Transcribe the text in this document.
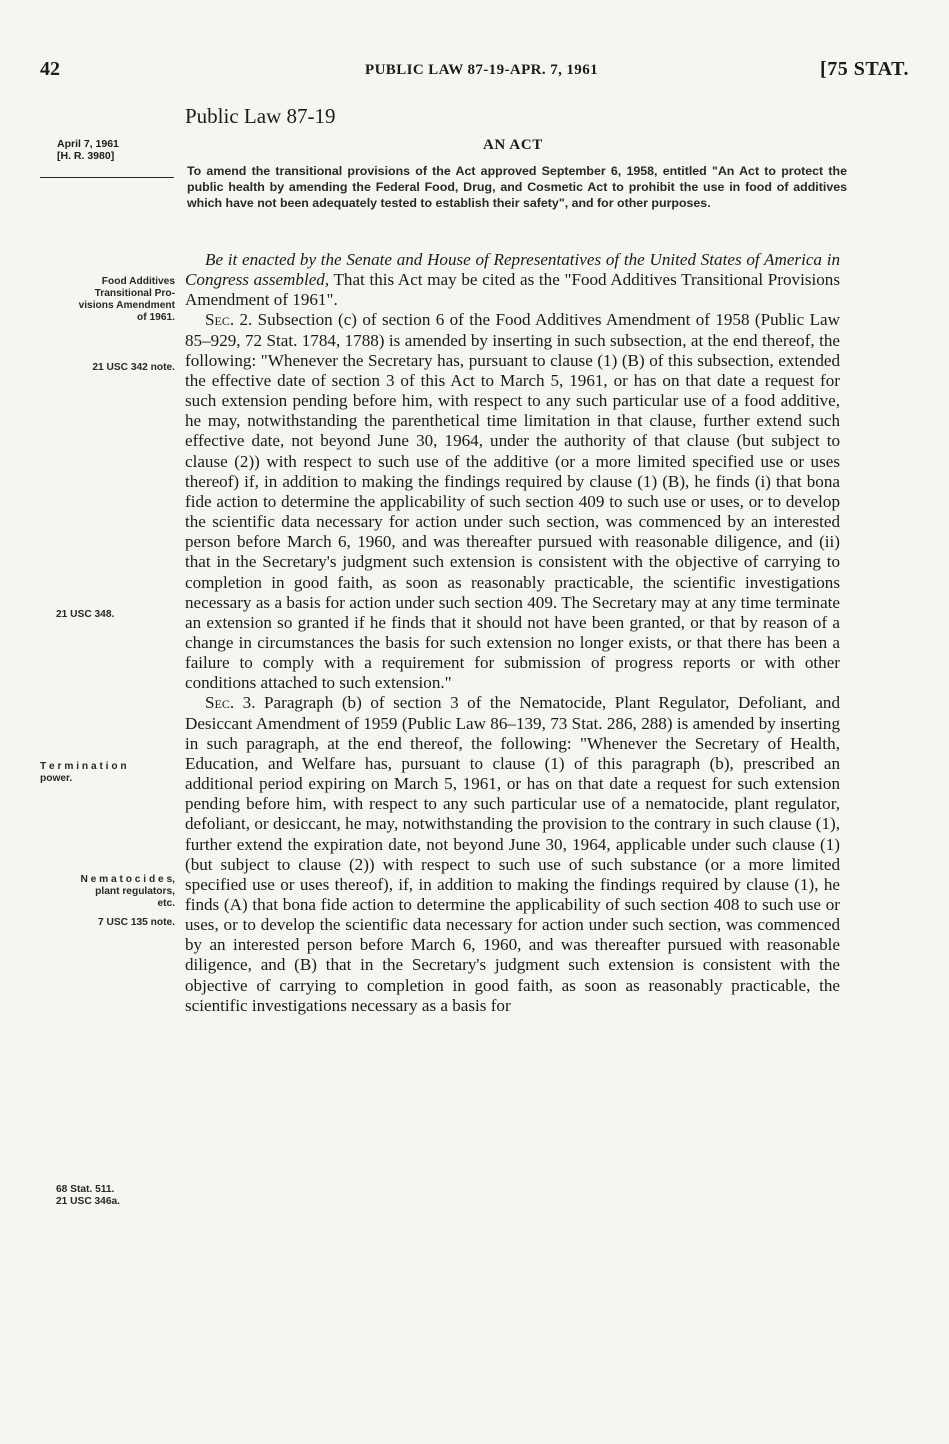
42	PUBLIC LAW 87-19-APR. 7, 1961	[75 STAT.
Public Law 87-19
AN ACT
April 7, 1961
[H. R. 3980]
To amend the transitional provisions of the Act approved September 6, 1958, entitled "An Act to protect the public health by amending the Federal Food, Drug, and Cosmetic Act to prohibit the use in food of additives which have not been adequately tested to establish their safety", and for other purposes.
Food Additives
Transitional Pro-
visions Amendment
of 1961.
21 USC 342 note.
21 USC 348.
T e r m i n a t i o n
power.
N e m a t o c i d e s,
plant regulators,
etc.
7 USC 135 note.
68 Stat. 511.
21 USC 346a.

Be it enacted by the Senate and House of Representatives of the United States of America in Congress assembled, That this Act may be cited as the "Food Additives Transitional Provisions Amendment of 1961".

Sec. 2. Subsection (c) of section 6 of the Food Additives Amendment of 1958 (Public Law 85–929, 72 Stat. 1784, 1788) is amended by inserting in such subsection, at the end thereof, the following: "Whenever the Secretary has, pursuant to clause (1) (B) of this subsection, extended the effective date of section 3 of this Act to March 5, 1961, or has on that date a request for such extension pending before him, with respect to any such particular use of a food additive, he may, notwithstanding the parenthetical time limitation in that clause, further extend such effective date, not beyond June 30, 1964, under the authority of that clause (but subject to clause (2)) with respect to such use of the additive (or a more limited specified use or uses thereof) if, in addition to making the findings required by clause (1) (B), he finds (i) that bona fide action to determine the applicability of such section 409 to such use or uses, or to develop the scientific data necessary for action under such section, was commenced by an interested person before March 6, 1960, and was thereafter pursued with reasonable diligence, and (ii) that in the Secretary's judgment such extension is consistent with the objective of carrying to completion in good faith, as soon as reasonably practicable, the scientific investigations necessary as a basis for action under such section 409. The Secretary may at any time terminate an extension so granted if he finds that it should not have been granted, or that by reason of a change in circumstances the basis for such extension no longer exists, or that there has been a failure to comply with a requirement for submission of progress reports or with other conditions attached to such extension."

Sec. 3. Paragraph (b) of section 3 of the Nematocide, Plant Regulator, Defoliant, and Desiccant Amendment of 1959 (Public Law 86–139, 73 Stat. 286, 288) is amended by inserting in such paragraph, at the end thereof, the following: "Whenever the Secretary of Health, Education, and Welfare has, pursuant to clause (1) of this paragraph (b), prescribed an additional period expiring on March 5, 1961, or has on that date a request for such extension pending before him, with respect to any such particular use of a nematocide, plant regulator, defoliant, or desiccant, he may, notwithstanding the provision to the contrary in such clause (1), further extend the expiration date, not beyond June 30, 1964, applicable under such clause (1) (but subject to clause (2)) with respect to such use of such substance (or a more limited specified use or uses thereof), if, in addition to making the findings required by clause (1), he finds (A) that bona fide action to determine the applicability of such section 408 to such use or uses, or to develop the scientific data necessary for action under such section, was commenced by an interested person before March 6, 1960, and was thereafter pursued with reasonable diligence, and (B) that in the Secretary's judgment such extension is consistent with the objective of carrying to completion in good faith, as soon as reasonably practicable, the scientific investigations necessary as a basis for
